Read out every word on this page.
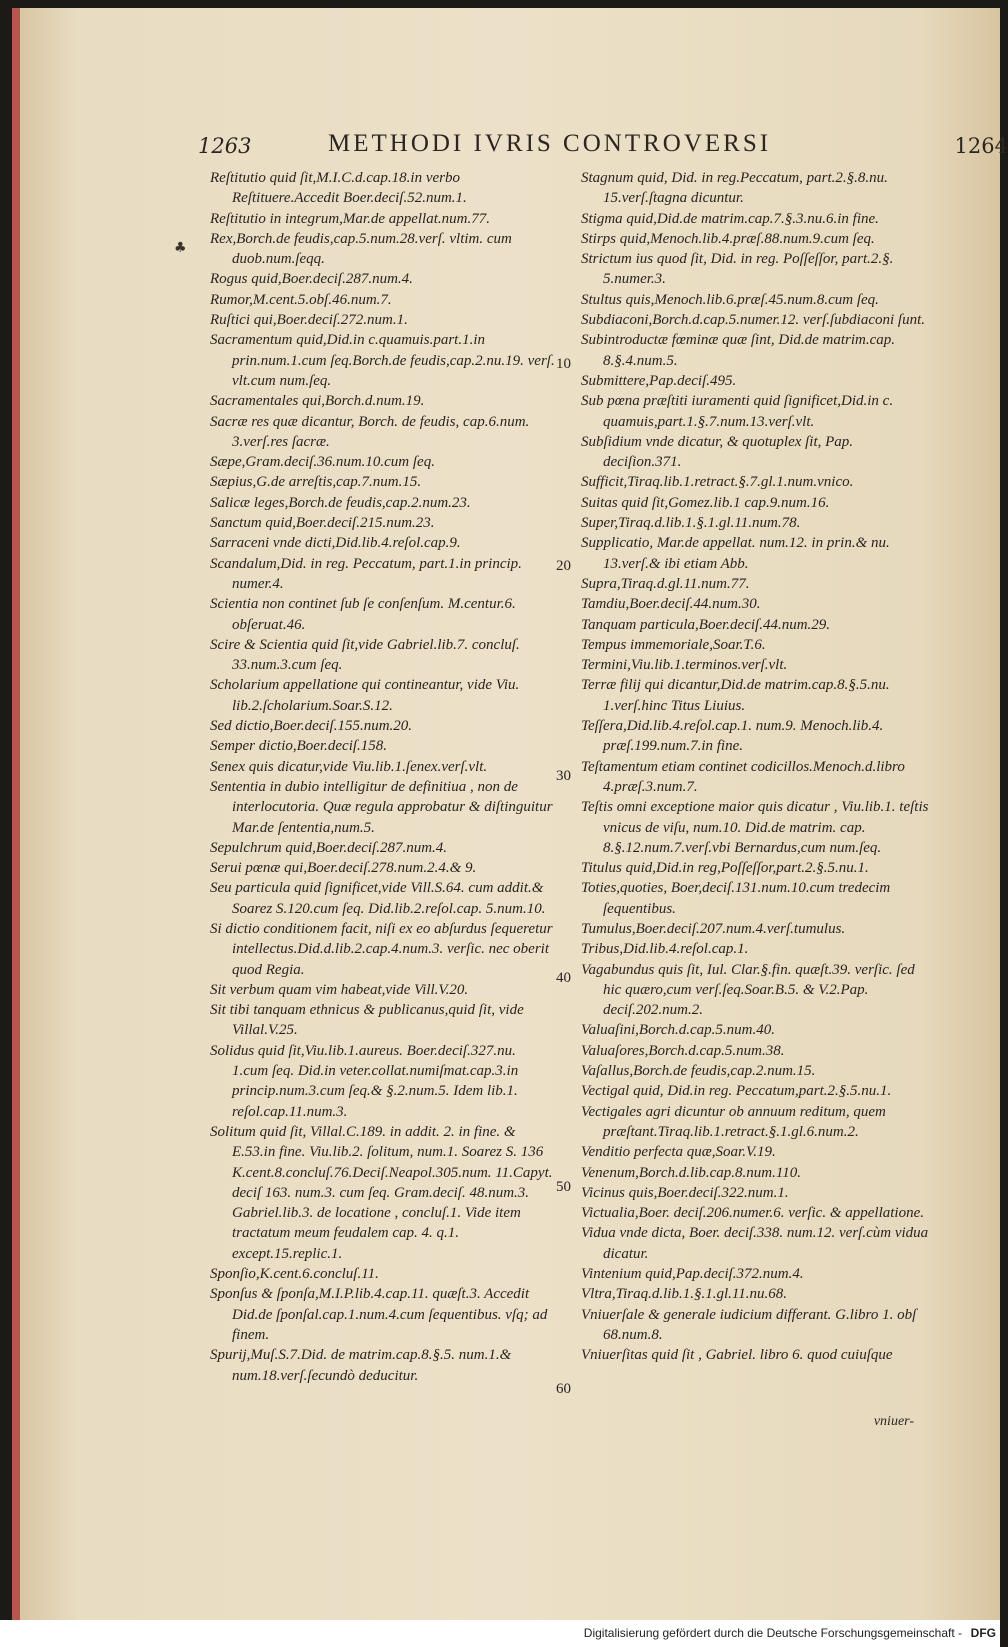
♣
1263	METHODI IVRIS CONTROVERSI	1264

Reſtitutio quid ſit,M.I.C.d.cap.18.in verbo Reſtituere.Accedit Boer.deciſ.52.num.1.

Reſtitutio in integrum,Mar.de appellat.num.77.

Rex,Borch.de feudis,cap.5.num.28.verſ. vltim. cum duob.num.ſeqq.

Rogus quid,Boer.deciſ.287.num.4.

Rumor,M.cent.5.obſ.46.num.7.

Ruſtici qui,Boer.deciſ.272.num.1.

Sacramentum quid,Did.in c.quamuis.part.1.in prin.num.1.cum ſeq.Borch.de feudis,cap.2.nu.19. verſ. vlt.cum num.ſeq.

Sacramentales qui,Borch.d.num.19.

Sacræ res quæ dicantur, Borch. de feudis, cap.6.num. 3.verſ.res ſacræ.

Sæpe,Gram.deciſ.36.num.10.cum ſeq.

Sæpius,G.de arreſtis,cap.7.num.15.

Salicæ leges,Borch.de feudis,cap.2.num.23.

Sanctum quid,Boer.deciſ.215.num.23.

Sarraceni vnde dicti,Did.lib.4.reſol.cap.9.

Scandalum,Did. in reg. Peccatum, part.1.in princip. numer.4.

Scientia non continet ſub ſe conſenſum. M.centur.6. obſeruat.46.

Scire & Scientia quid ſit,vide Gabriel.lib.7. concluſ. 33.num.3.cum ſeq.

Scholarium appellatione qui contineantur, vide Viu. lib.2.ſcholarium.Soar.S.12.

Sed dictio,Boer.deciſ.155.num.20.

Semper dictio,Boer.deciſ.158.

Senex quis dicatur,vide Viu.lib.1.ſenex.verſ.vlt.

Sententia in dubio intelligitur de definitiua , non de interlocutoria. Quæ regula approbatur & diſtinguitur Mar.de ſententia,num.5.

Sepulchrum quid,Boer.deciſ.287.num.4.

Serui pœnæ qui,Boer.deciſ.278.num.2.4.& 9.

Seu particula quid ſignificet,vide Vill.S.64. cum addit.& Soarez S.120.cum ſeq. Did.lib.2.reſol.cap. 5.num.10.

Si dictio conditionem facit, niſi ex eo abſurdus ſequeretur intellectus.Did.d.lib.2.cap.4.num.3. verſic. nec oberit quod Regia.

Sit verbum quam vim habeat,vide Vill.V.20.

Sit tibi tanquam ethnicus & publicanus,quid ſit, vide Villal.V.25.

Solidus quid ſit,Viu.lib.1.aureus. Boer.deciſ.327.nu. 1.cum ſeq. Did.in veter.collat.numiſmat.cap.3.in princip.num.3.cum ſeq.& §.2.num.5. Idem lib.1. reſol.cap.11.num.3.

Solitum quid ſit, Villal.C.189. in addit. 2. in fine. & E.53.in fine. Viu.lib.2. ſolitum, num.1. Soarez S. 136 K.cent.8.concluſ.76.Deciſ.Neapol.305.num. 11.Capyt. deciſ 163. num.3. cum ſeq. Gram.deciſ. 48.num.3. Gabriel.lib.3. de locatione , concluſ.1. Vide item tractatum meum feudalem cap. 4. q.1. except.15.replic.1.

Sponſio,K.cent.6.concluſ.11.

Sponſus & ſponſa,M.I.P.lib.4.cap.11. quæſt.3. Accedit Did.de ſponſal.cap.1.num.4.cum ſequentibus. vſq; ad finem.

Spurij,Muſ.S.7.Did. de matrim.cap.8.§.5. num.1.& num.18.verſ.ſecundò deducitur.

Stagnum quid, Did. in reg.Peccatum, part.2.§.8.nu. 15.verſ.ſtagna dicuntur.

Stigma quid,Did.de matrim.cap.7.§.3.nu.6.in fine.

Stirps quid,Menoch.lib.4.præſ.88.num.9.cum ſeq.

Strictum ius quod ſit, Did. in reg. Poſſeſſor, part.2.§. 5.numer.3.

Stultus quis,Menoch.lib.6.præſ.45.num.8.cum ſeq.

Subdiaconi,Borch.d.cap.5.numer.12. verſ.ſubdiaconi ſunt.

Subintroductæ fœminæ quæ ſint, Did.de matrim.cap. 8.§.4.num.5.

Submittere,Pap.deciſ.495.

Sub pœna præſtiti iuramenti quid ſignificet,Did.in c. quamuis,part.1.§.7.num.13.verſ.vlt.

Subſidium vnde dicatur, & quotuplex ſit, Pap. deciſion.371.

Sufficit,Tiraq.lib.1.retract.§.7.gl.1.num.vnico.

Suitas quid ſit,Gomez.lib.1 cap.9.num.16.

Super,Tiraq.d.lib.1.§.1.gl.11.num.78.

Supplicatio, Mar.de appellat. num.12. in prin.& nu. 13.verſ.& ibi etiam Abb.

Supra,Tiraq.d.gl.11.num.77.

Tamdiu,Boer.deciſ.44.num.30.

Tanquam particula,Boer.deciſ.44.num.29.

Tempus immemoriale,Soar.T.6.

Termini,Viu.lib.1.terminos.verſ.vlt.

Terræ filij qui dicantur,Did.de matrim.cap.8.§.5.nu. 1.verſ.hinc Titus Liuius.

Teſſera,Did.lib.4.reſol.cap.1. num.9. Menoch.lib.4. præſ.199.num.7.in fine.

Teſtamentum etiam continet codicillos.Menoch.d.libro 4.præſ.3.num.7.

Teſtis omni exceptione maior quis dicatur , Viu.lib.1. teſtis vnicus de viſu, num.10. Did.de matrim. cap. 8.§.12.num.7.verſ.vbi Bernardus,cum num.ſeq.

Titulus quid,Did.in reg,Poſſeſſor,part.2.§.5.nu.1.

Toties,quoties, Boer,deciſ.131.num.10.cum tredecim ſequentibus.

Tumulus,Boer.deciſ.207.num.4.verſ.tumulus.

Tribus,Did.lib.4.reſol.cap.1.

Vagabundus quis ſit, Iul. Clar.§.fin. quæſt.39. verſic. ſed hic quæro,cum verſ.ſeq.Soar.B.5. & V.2.Pap. deciſ.202.num.2.

Valuaſini,Borch.d.cap.5.num.40.

Valuaſores,Borch.d.cap.5.num.38.

Vaſallus,Borch.de feudis,cap.2.num.15.

Vectigal quid, Did.in reg. Peccatum,part.2.§.5.nu.1.

Vectigales agri dicuntur ob annuum reditum, quem præſtant.Tiraq.lib.1.retract.§.1.gl.6.num.2.

Venditio perfecta quæ,Soar.V.19.

Venenum,Borch.d.lib.cap.8.num.110.

Vicinus quis,Boer.deciſ.322.num.1.

Victualia,Boer. deciſ.206.numer.6. verſic. & appellatione.

Vidua vnde dicta, Boer. deciſ.338. num.12. verſ.cùm vidua dicatur.

Vintenium quid,Pap.deciſ.372.num.4.

Vltra,Tiraq.d.lib.1.§.1.gl.11.nu.68.

Vniuerſale & generale iudicium differant. G.libro 1. obſ 68.num.8.

Vniuerſitas quid ſit , Gabriel. libro 6. quod cuiuſque

10
20
30
40
50
60
vniuer-
Digitalisierung gefördert durch die Deutsche Forschungsgemeinschaft - DFG
